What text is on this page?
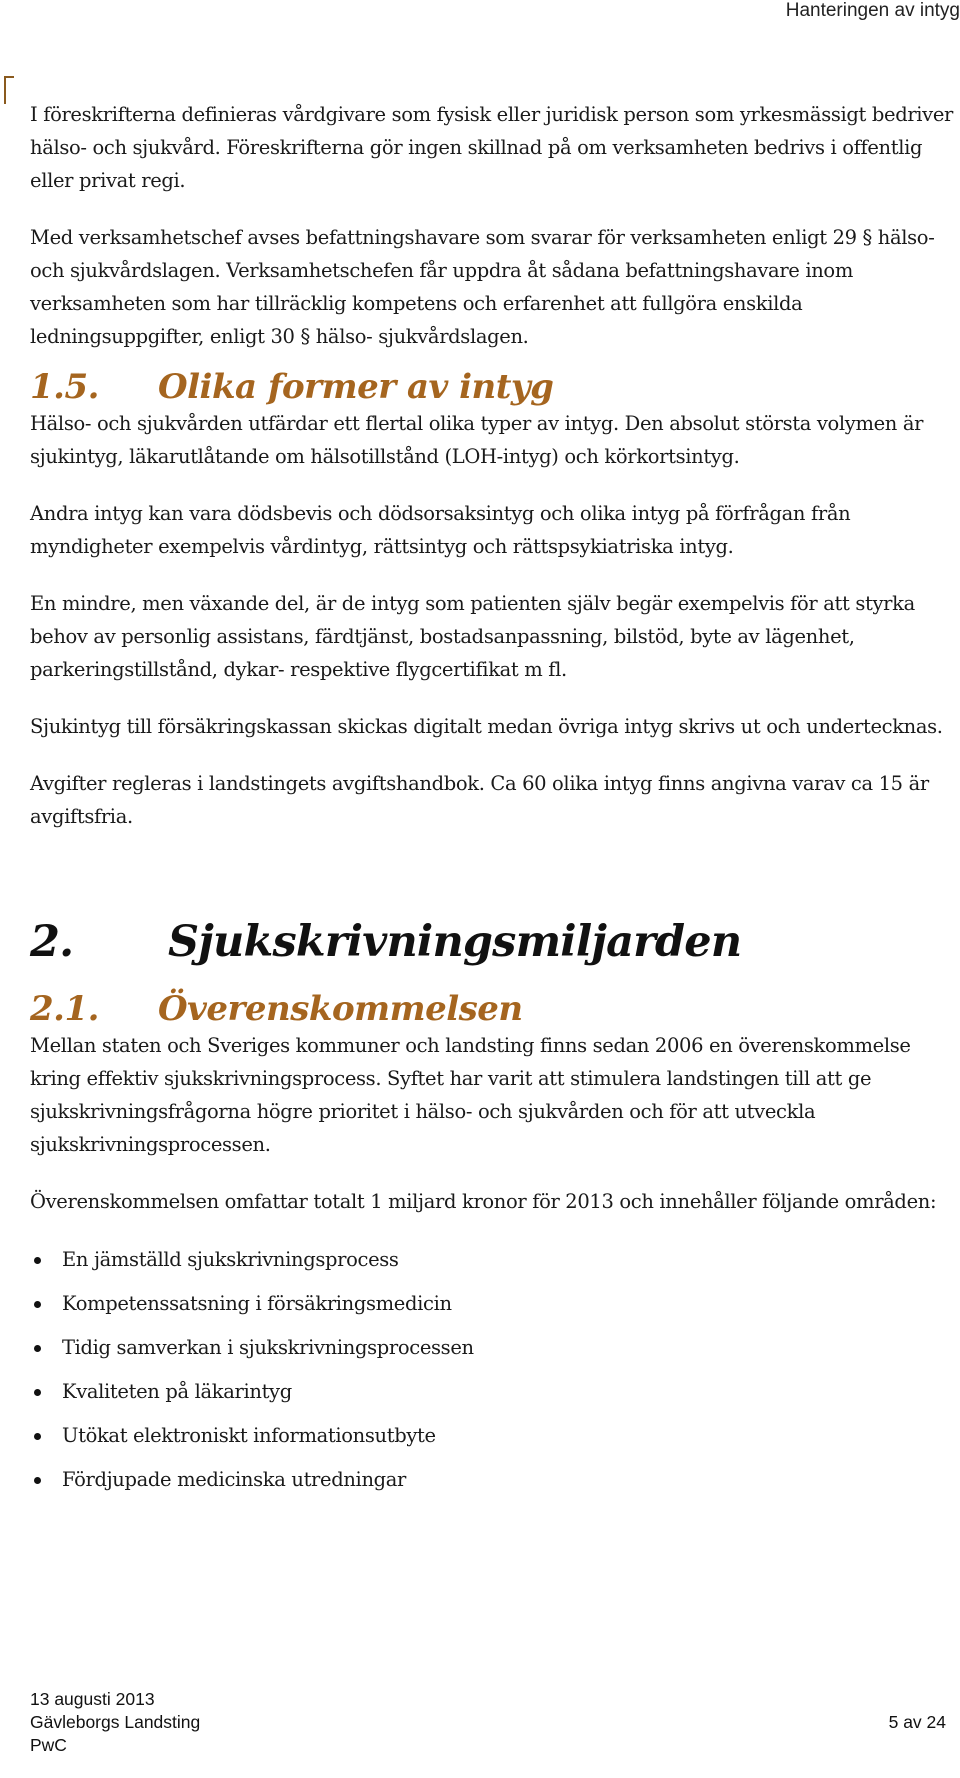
Hanteringen av intyg

I föreskrifterna definieras vårdgivare som fysisk eller juridisk person som yrkesmässigt bedriver hälso- och sjukvård. Föreskrifterna gör ingen skillnad på om verksamheten bedrivs i offentlig eller privat regi.

Med verksamhetschef avses befattningshavare som svarar för verksamheten enligt 29 § hälso- och sjukvårdslagen. Verksamhetschefen får uppdra åt sådana befattningshavare inom verksamheten som har tillräcklig kompetens och erfarenhet att fullgöra enskilda ledningsuppgifter, enligt 30 § hälso- sjukvårdslagen.

1.5. Olika former av intyg

Hälso- och sjukvården utfärdar ett flertal olika typer av intyg. Den absolut största volymen är sjukintyg, läkarutlåtande om hälsotillstånd (LOH-intyg) och körkortsintyg.

Andra intyg kan vara dödsbevis och dödsorsaksintyg och olika intyg på förfrågan från myndigheter exempelvis vårdintyg, rättsintyg och rättspsykiatriska intyg.

En mindre, men växande del, är de intyg som patienten själv begär exempelvis för att styrka behov av personlig assistans, färdtjänst, bostadsanpassning, bilstöd, byte av lägenhet, parkeringstillstånd, dykar- respektive flygcertifikat m fl.

Sjukintyg till försäkringskassan skickas digitalt medan övriga intyg skrivs ut och undertecknas.

Avgifter regleras i landstingets avgiftshandbok. Ca 60 olika intyg finns angivna varav ca 15 är avgiftsfria.

2. Sjukskrivningsmiljarden
2.1. Överenskommelsen

Mellan staten och Sveriges kommuner och landsting finns sedan 2006 en överenskommelse kring effektiv sjukskrivningsprocess. Syftet har varit att stimulera landstingen till att ge sjukskrivningsfrågorna högre prioritet i hälso- och sjukvården och för att utveckla sjukskrivningsprocessen.

Överenskommelsen omfattar totalt 1 miljard kronor för 2013 och innehåller följande områden:

En jämställd sjukskrivningsprocess
Kompetenssatsning i försäkringsmedicin
Tidig samverkan i sjukskrivningsprocessen
Kvaliteten på läkarintyg
Utökat elektroniskt informationsutbyte
Fördjupade medicinska utredningar
13 augusti 2013
Gävleborgs Landsting
PwC
5 av 24
